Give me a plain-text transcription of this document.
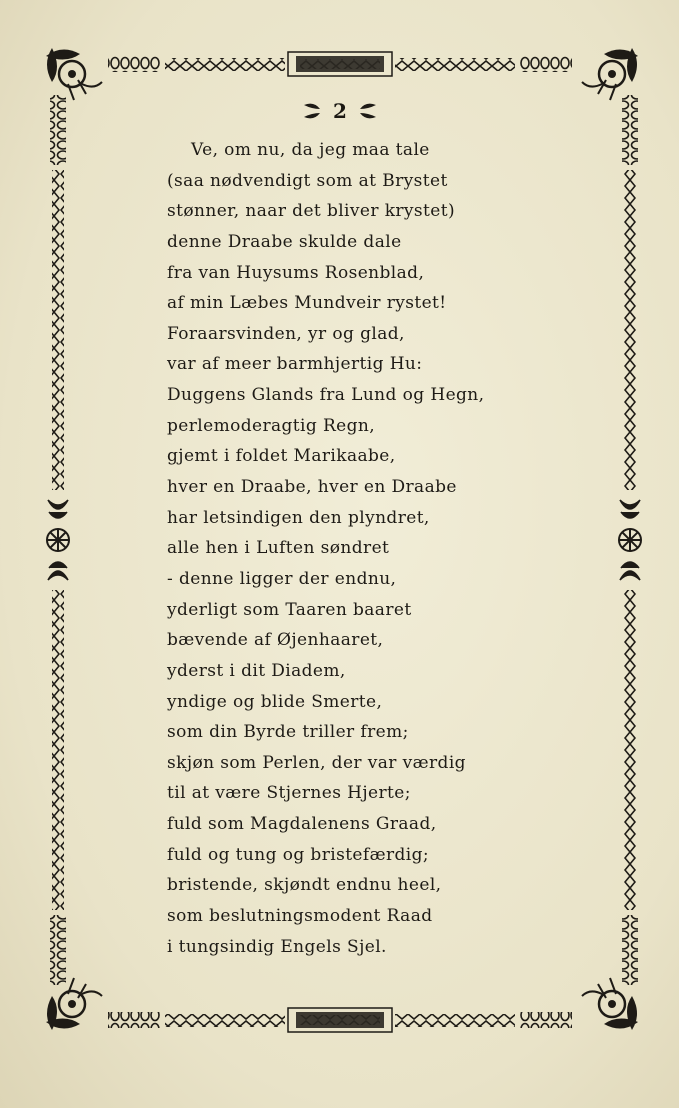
2
Ve, om nu, da jeg maa tale
(saa nødvendigt som at Brystet
stønner, naar det bliver krystet)
denne Draabe skulde dale
fra van Huysums Rosenblad,
af min Læbes Mundveir rystet!
Foraarsvinden, yr og glad,
var af meer barmhjertig Hu:
Duggens Glands fra Lund og Hegn,
perlemoderagtig Regn,
gjemt i foldet Marikaabe,
hver en Draabe, hver en Draabe
har letsindigen den plyndret,
alle hen i Luften søndret
- denne ligger der endnu,
yderligt som Taaren baaret
bævende af Øjenhaaret,
yderst i dit Diadem,
yndige og blide Smerte,
som din Byrde triller frem;
skjøn som Perlen, der var værdig
til at være Stjernes Hjerte;
fuld som Magdalenens Graad,
fuld og tung og bristefærdig;
bristende, skjøndt endnu heel,
som beslutningsmodent Raad
i tungsindig Engels Sjel.
